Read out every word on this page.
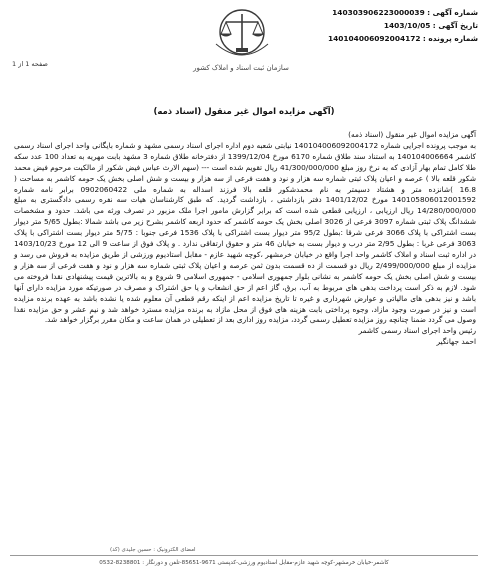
سازمان ثبت اسناد و املاک کشور
شماره آگهی : 140303906223000039
تاریخ آگهی : 1403/10/05
شماره پرونده : 140104006092004172
صفحه 1 از 1
(آگهی مزایده اموال غیر منقول (اسناد ذمه)

آگهی مزایده اموال غیر منقول (اسناد ذمه)

به موجب پرونده اجرایی شماره 140104006092004172 نیابتی شعبه دوم اداره اجرای اسناد رسمی مشهد و شماره بایگانی واحد اجرای اسناد رسمی کاشمر 140104006664 به استناد سند طلاق شماره 6170 مورخ 1399/12/04 از دفترخانه طلاق شماره 3 مشهد بابت مهریه به تعداد 100 عدد سکه طلا کامل تمام بهار آزادی که به نرخ روز مبلغ 41/300/000/000 ریال تقویم شده است --- (سهم الارث عباس فیض شکور از مالکیت مرحوم فیض محمد شکور قلعه بالا ) عرصه و اعیان پلاک ثبتی شماره سه هزار و نود و هفت فرعی از سه هزار و بیست و شش اصلی بخش یک حومه کاشمر به مساحت ( 16.8 )شانزده متر و هشتاد دسیمتر به نام محمدشکور قلعه بالا فرزند اسداله به شماره ملی 0902060422 برابر نامه شماره 140105806012001592 مورخ 1401/12/02 دفتر بازداشتی ، بازداشت گردید. که طبق کارشناسان هیات سه نفره رسمی دادگستری به مبلغ 14/280/000/000 ریال ارزیابی ، ارزیابی قطعی شده است که برابر گزارش مامور اجرا ملک مزبور در تصرف ورثه می باشد. حدود و مشخصات ششدانگ پلاک ثبتی شماره 3097 فرعی از 3026 اصلی بخش یک حومه کاشمر که حدود اربعه کاشمر بشرح زیر می باشد شمالا :بطول 5/65 متر دیوار بست اشتراکی با پلاک 3066 فرعی شرقا :بطول 95/2 متر دیوار بست اشتراکی با پلاک 1536 فرعی جنوبا : 5/75 متر دیوار بست اشتراکی با پلاک 3063 فرعی غربا : بطول 2/95 متر درب و دیوار بست به خیابان 46 متر و حقوق ارتفاقی ندارد . و پلاک فوق از ساعت 9 الی 12 مورخ 1403/10/23 در اداره ثبت اسناد و املاک کاشمر واحد اجرا واقع در خیابان خرمشهر ،کوچه شهید عازم - مقابل استادیوم ورزشی از طریق مزایده به فروش می رسد و مزایده از مبلغ 2/499/000/000 ریال دو قسمت از ده قسمت بدون ثمن عرصه و اعیان پلاک ثبتی شماره سه هزار و نود و هفت فرعی از سه هزار و بیست و شش اصلی بخش یک حومه کاشمر به نشانی بلوار جمهوری اسلامی - جمهوری اسلامی 9 شروع و به بالاترین قیمت پیشنهادی نقدا فروخته می شود. لازم به ذکر است پرداخت بدهی های مربوط به آب، برق، گاز اعم از حق انشعاب و یا حق اشتراک و مصرف در صورتیکه مورد مزایده دارای آنها باشد و نیز بدهی های مالیاتی و عوارض شهرداری و غیره تا تاریخ مزایده اعم از اینکه رقم قطعی آن معلوم شده یا نشده باشد به عهده برنده مزایده است و نیز در صورت وجود مازاد، وجوه پرداختی بابت هزینه های فوق از محل مازاد به برنده مزایده مسترد خواهد شد و نیم عشر و حق مزایده نقدا وصول می گردد ضمنا چنانچه روز مزایده تعطیل رسمی گردد، مزایده روز اداری بعد از تعطیلی در همان ساعت و مکان مقرر برگزار خواهد شد.

رئیس واحد اجرای اسناد رسمی کاشمر

احمد جهانگیر

امضای الکترونیک : حسین جلیدی (کد)
کاشمر-خیابان خرمشهر-کوچه شهید عازم-مقابل استادیوم ورزشی-کدپستی 9671-85651-تلفن و دورنگار : 8238801-0532
